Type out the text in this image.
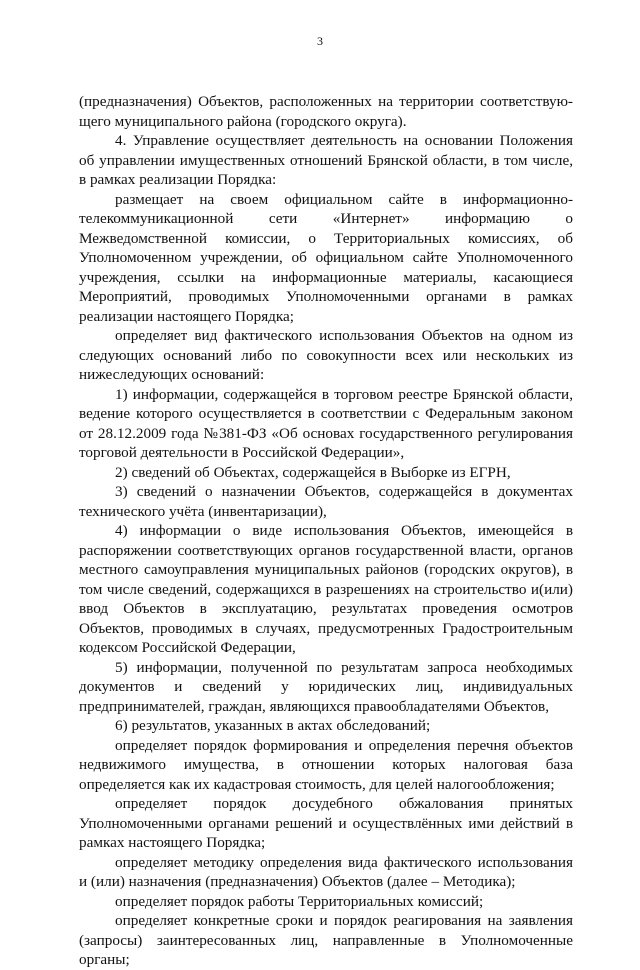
3

(предназначения) Объектов, расположенных на территории соответствую-щего муниципального района (городского округа).

4. Управление осуществляет деятельность на основании Положения об управлении имущественных отношений Брянской области, в том числе, в рамках реализации Порядка:

размещает на своем официальном сайте в информационно-телекоммуникационной сети «Интернет» информацию о Межведомственной комиссии, о Территориальных комиссиях, об Уполномоченном учреждении, об официальном сайте Уполномоченного учреждения, ссылки на информационные материалы, касающиеся Мероприятий, проводимых Уполномоченными органами в рамках реализации настоящего Порядка;

определяет вид фактического использования Объектов на одном из следующих оснований либо по совокупности всех или нескольких из нижеследующих оснований:

1) информации, содержащейся в торговом реестре Брянской области, ведение которого осуществляется в соответствии с Федеральным законом от 28.12.2009 года №381-ФЗ «Об основах государственного регулирования торговой деятельности в Российской Федерации»,

2) сведений об Объектах, содержащейся в Выборке из ЕГРН,

3) сведений о назначении Объектов, содержащейся в документах технического учёта (инвентаризации),

4) информации о виде использования Объектов, имеющейся в распоряжении соответствующих органов государственной власти, органов местного самоуправления муниципальных районов (городских округов), в том числе сведений, содержащихся в разрешениях на строительство и(или) ввод Объектов в эксплуатацию, результатах проведения осмотров Объектов, проводимых в случаях, предусмотренных Градостроительным кодексом Российской Федерации,

5) информации, полученной по результатам запроса необходимых документов и сведений у юридических лиц, индивидуальных предпринимателей, граждан, являющихся правообладателями Объектов,

6) результатов, указанных в актах обследований;

определяет порядок формирования и определения перечня объектов недвижимого имущества, в отношении которых налоговая база определяется как их кадастровая стоимость, для целей налогообложения;

определяет порядок досудебного обжалования принятых Уполномоченными органами решений и осуществлённых ими действий в рамках настоящего Порядка;

определяет методику определения вида фактического использования и (или) назначения (предназначения) Объектов (далее – Методика);

определяет порядок работы Территориальных комиссий;

определяет конкретные сроки и порядок реагирования на заявления (запросы) заинтересованных лиц, направленные в Уполномоченные органы;
